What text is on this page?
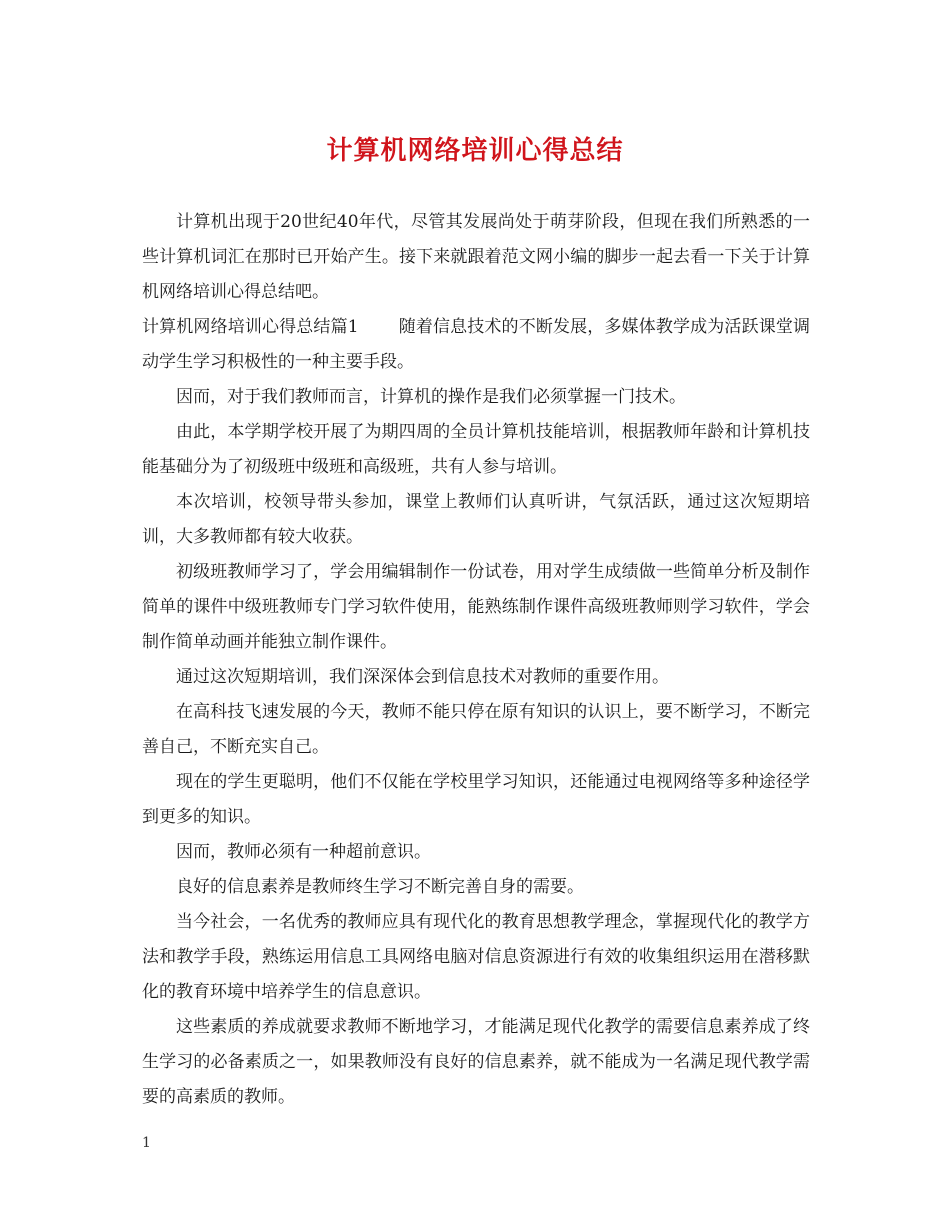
计算机网络培训心得总结

计算机出现于20世纪40年代，尽管其发展尚处于萌芽阶段，但现在我们所熟悉的一些计算机词汇在那时已开始产生。接下来就跟着范文网小编的脚步一起去看一下关于计算机网络培训心得总结吧。

计算机网络培训心得总结篇1 随着信息技术的不断发展，多媒体教学成为活跃课堂调动学生学习积极性的一种主要手段。

因而，对于我们教师而言，计算机的操作是我们必须掌握一门技术。

由此，本学期学校开展了为期四周的全员计算机技能培训，根据教师年龄和计算机技能基础分为了初级班中级班和高级班，共有人参与培训。

本次培训，校领导带头参加，课堂上教师们认真听讲，气氛活跃，通过这次短期培训，大多教师都有较大收获。

初级班教师学习了，学会用编辑制作一份试卷，用对学生成绩做一些简单分析及制作简单的课件中级班教师专门学习软件使用，能熟练制作课件高级班教师则学习软件，学会制作简单动画并能独立制作课件。

通过这次短期培训，我们深深体会到信息技术对教师的重要作用。

在高科技飞速发展的今天，教师不能只停在原有知识的认识上，要不断学习，不断完善自己，不断充实自己。

现在的学生更聪明，他们不仅能在学校里学习知识，还能通过电视网络等多种途径学到更多的知识。

因而，教师必须有一种超前意识。

良好的信息素养是教师终生学习不断完善自身的需要。

当今社会，一名优秀的教师应具有现代化的教育思想教学理念，掌握现代化的教学方法和教学手段，熟练运用信息工具网络电脑对信息资源进行有效的收集组织运用在潜移默化的教育环境中培养学生的信息意识。

这些素质的养成就要求教师不断地学习，才能满足现代化教学的需要信息素养成了终生学习的必备素质之一，如果教师没有良好的信息素养，就不能成为一名满足现代教学需要的高素质的教师。

1
